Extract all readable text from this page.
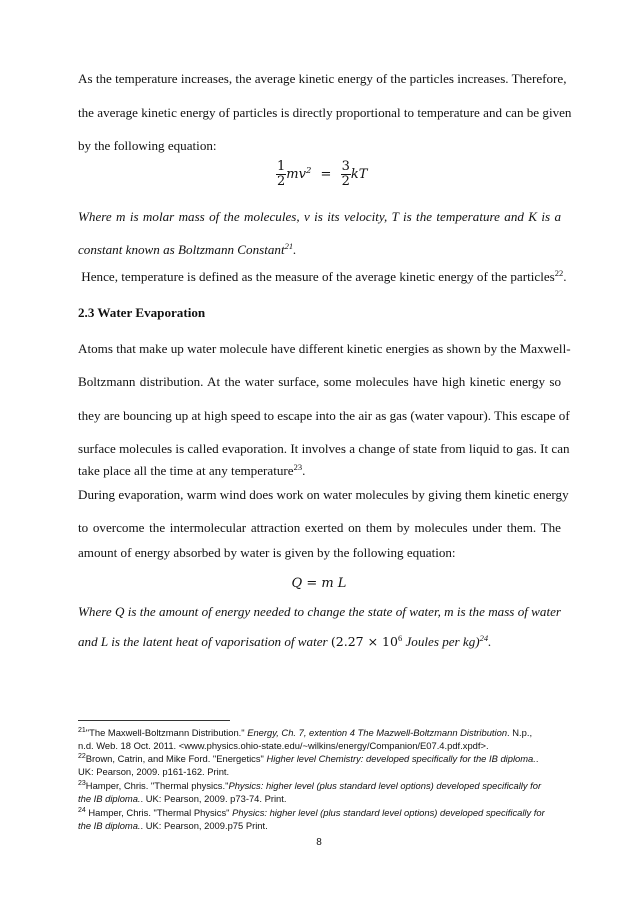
As the temperature increases, the average kinetic energy of the particles increases. Therefore,
the average kinetic energy of particles is directly proportional to temperature and can be given
by the following equation:
$\frac{1}{2} mv^2 = \frac{3}{2}$ kT
Where m is molar mass of the molecules, v is its velocity, T is the temperature and K is a
constant known as Boltzmann Constant$^{21}$.
Hence, temperature is defined as the measure of the average kinetic energy of the particles$^{22}$.
2.3 Water Evaporation
Atoms that make up water molecule have different kinetic energies as shown by the Maxwell-
Boltzmann distribution. At the water surface, some molecules have high kinetic energy so
they are bouncing up at high speed to escape into the air as gas (water vapour). This escape of
surface molecules is called evaporation. It involves a change of state from liquid to gas. It can
take place all the time at any temperature$^{23}$.
During evaporation, warm wind does work on water molecules by giving them kinetic energy
to overcome the intermolecular attraction exerted on them by molecules under them. The
amount of energy absorbed by water is given by the following equation:
Q = m L
Where Q is the amount of energy needed to change the state of water, m is the mass of water
and L is the latent heat of vaporisation of water ($2.27 \times 10^6$ Joules per kg)$^{24}$.
$^{21}$"The Maxwell-Boltzmann Distribution." Energy, Ch. 7, extention 4 The Mazwell-Boltzmann Distribution. N.p.,
n.d. Web. 18 Oct. 2011. <www.physics.ohio-state.edu/~wilkins/energy/Companion/E07.4.pdf.xpdf>.
$^{22}$Brown, Catrin, and Mike Ford. "Energetics" Higher level Chemistry: developed specifically for the IB diploma..
UK: Pearson, 2009. p161-162. Print.
$^{23}$Hamper, Chris. "Thermal physics."Physics: higher level (plus standard level options) developed specifically for
the IB diploma.. UK: Pearson, 2009. p73-74. Print.
$^{24}$ Hamper, Chris. "Thermal Physics" Physics: higher level (plus standard level options) developed specifically for
the IB diploma.. UK: Pearson, 2009.p75 Print.
8
